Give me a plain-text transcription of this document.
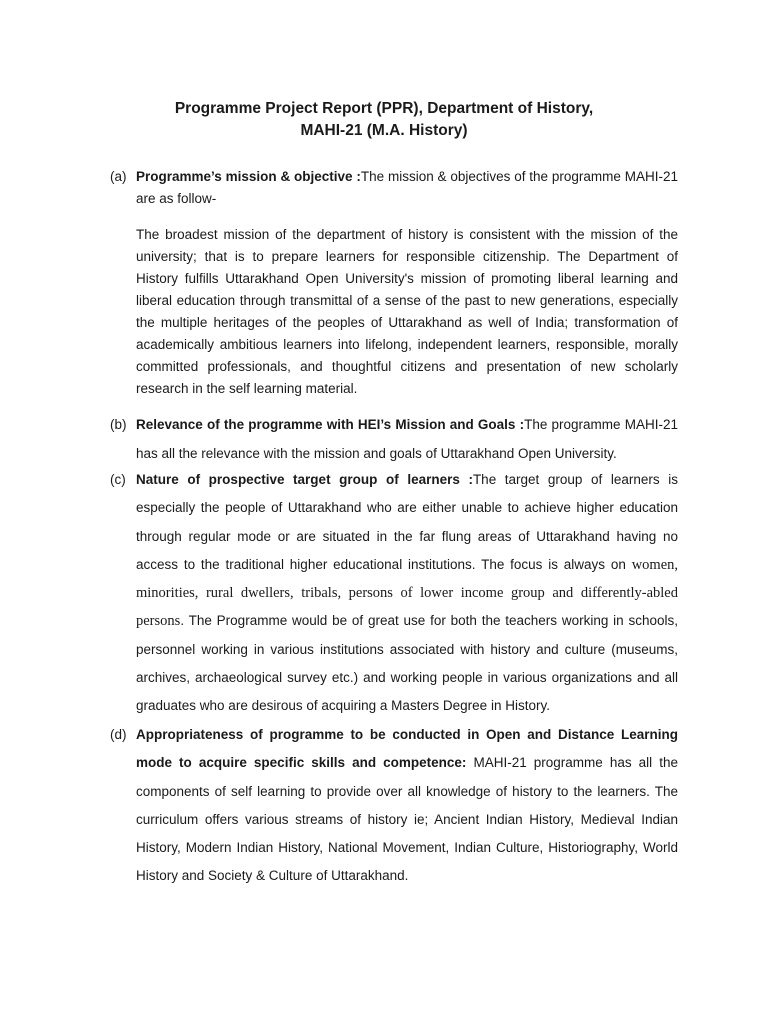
Programme Project Report (PPR), Department of History,
MAHI-21 (M.A. History)
(a) Programme’s mission & objective :The mission & objectives of the programme MAHI-21 are as follow-

The broadest mission of the department of history is consistent with the mission of the university; that is to prepare learners for responsible citizenship. The Department of History fulfills Uttarakhand Open University's mission of promoting liberal learning and liberal education through transmittal of a sense of the past to new generations, especially the multiple heritages of the peoples of Uttarakhand as well of India; transformation of academically ambitious learners into lifelong, independent learners, responsible, morally committed professionals, and thoughtful citizens and presentation of new scholarly research in the self learning material.

(b) Relevance of the programme with HEI’s Mission and Goals :The programme MAHI-21 has all the relevance with the mission and goals of Uttarakhand Open University.

(c) Nature of prospective target group of learners :The target group of learners is especially the people of Uttarakhand who are either unable to achieve higher education through regular mode or are situated in the far flung areas of Uttarakhand having no access to the traditional higher educational institutions. The focus is always on women, minorities, rural dwellers, tribals, persons of lower income group and differently-abled persons. The Programme would be of great use for both the teachers working in schools, personnel working in various institutions associated with history and culture (museums, archives, archaeological survey etc.) and working people in various organizations and all graduates who are desirous of acquiring a Masters Degree in History.

(d) Appropriateness of programme to be conducted in Open and Distance Learning mode to acquire specific skills and competence: MAHI-21 programme has all the components of self learning to provide over all knowledge of history to the learners. The curriculum offers various streams of history ie; Ancient Indian History, Medieval Indian History, Modern Indian History, National Movement, Indian Culture, Historiography, World History and Society & Culture of Uttarakhand.
